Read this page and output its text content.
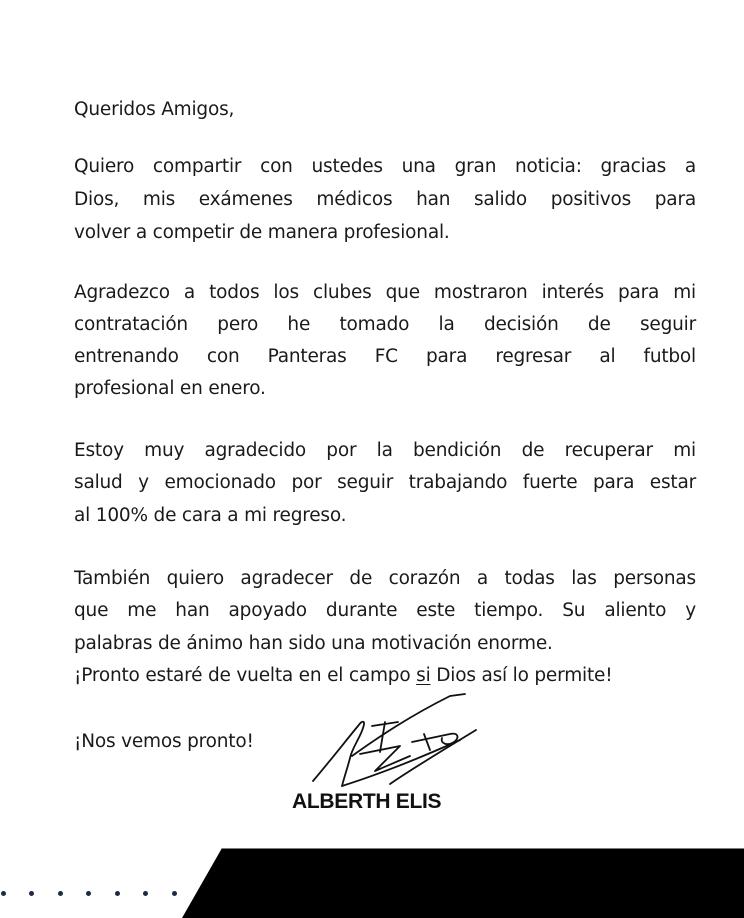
Queridos Amigos,
Quiero compartir con ustedes una gran noticia: gracias a
Dios, mis exámenes médicos han salido positivos para
volver a competir de manera profesional.
Agradezco a todos los clubes que mostraron interés para mi
contratación pero he tomado la decisión de seguir
entrenando con Panteras FC para regresar al futbol
profesional en enero.
Estoy muy agradecido por la bendición de recuperar mi
salud y emocionado por seguir trabajando fuerte para estar
al 100% de cara a mi regreso.
También quiero agradecer de corazón a todas las personas
que me han apoyado durante este tiempo. Su aliento y
palabras de ánimo han sido una motivación enorme.
¡Pronto estaré de vuelta en el campo si Dios así lo permite!
¡Nos vemos pronto!
ALBERTH ELIS
